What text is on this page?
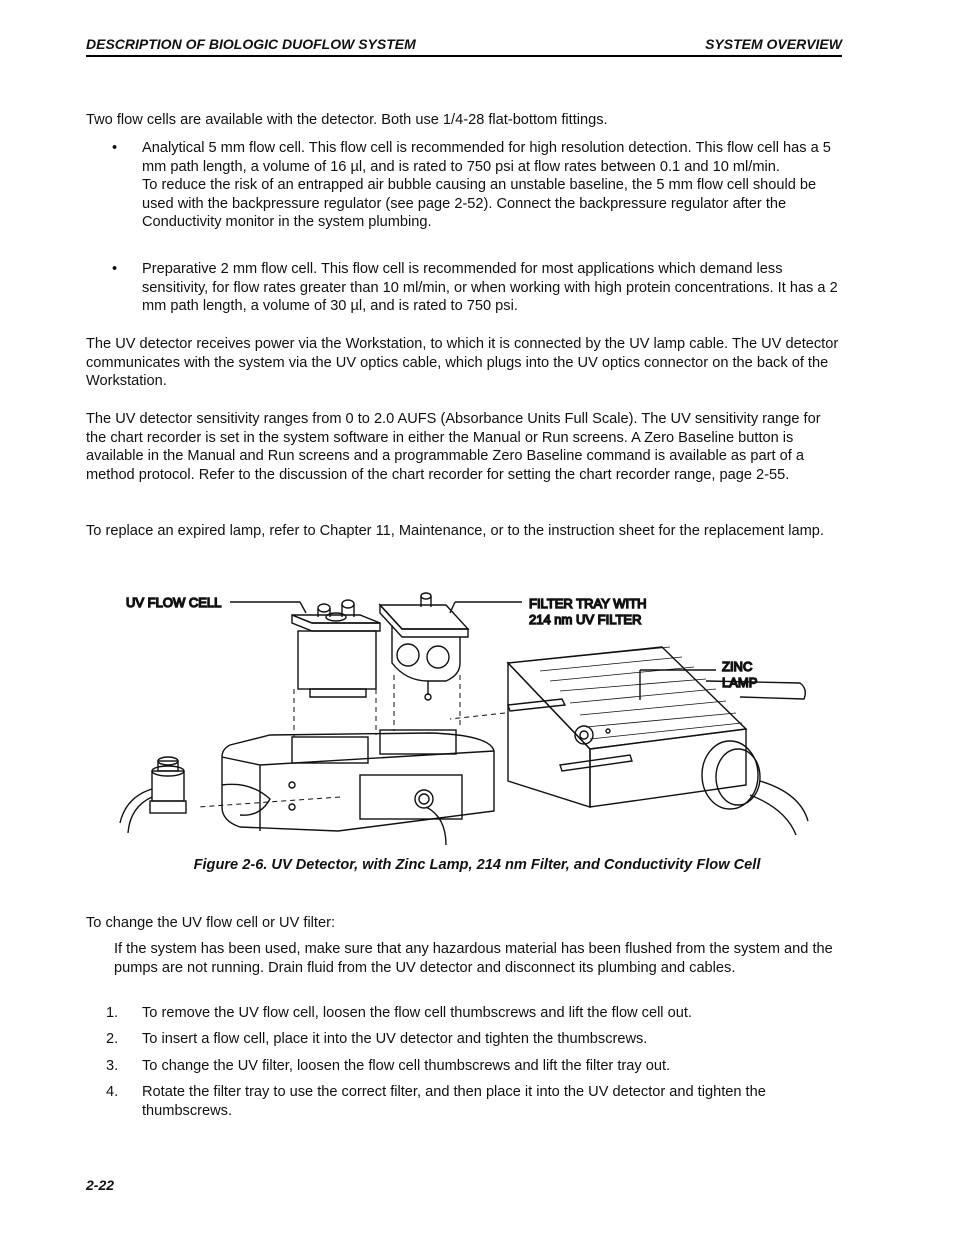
DESCRIPTION OF BIOLOGIC DUOFLOW SYSTEM	SYSTEM OVERVIEW
Two flow cells are available with the detector. Both use 1/4-28 flat-bottom fittings.
• Analytical 5 mm flow cell. This flow cell is recommended for high resolution detection. This flow cell has a 5 mm path length, a volume of 16 µl, and is rated to 750 psi at flow rates between 0.1 and 10 ml/min.
To reduce the risk of an entrapped air bubble causing an unstable baseline, the 5 mm flow cell should be used with the backpressure regulator (see page 2-52). Connect the backpressure regulator after the Conductivity monitor in the system plumbing.
• Preparative 2 mm flow cell. This flow cell is recommended for most applications which demand less sensitivity, for flow rates greater than 10 ml/min, or when working with high protein concentrations. It has a 2 mm path length, a volume of 30 µl, and is rated to 750 psi.
The UV detector receives power via the Workstation, to which it is connected by the UV lamp cable. The UV detector communicates with the system via the UV optics cable, which plugs into the UV optics connector on the back of the Workstation.
The UV detector sensitivity ranges from 0 to 2.0 AUFS (Absorbance Units Full Scale). The UV sensitivity range for the chart recorder is set in the system software in either the Manual or Run screens. A Zero Baseline button is available in the Manual and Run screens and a programmable Zero Baseline command is available as part of a method protocol. Refer to the discussion of the chart recorder for setting the chart recorder range, page 2-55.
To replace an expired lamp, refer to Chapter 11, Maintenance, or to the instruction sheet for the replacement lamp.
UV FLOW CELL	FILTER TRAY WITH
214 nm UV FILTER
ZINC
LAMP
Figure 2-6. UV Detector, with Zinc Lamp, 214 nm Filter, and Conductivity Flow Cell
To change the UV flow cell or UV filter:
If the system has been used, make sure that any hazardous material has been flushed from the system and the pumps are not running. Drain fluid from the UV detector and disconnect its plumbing and cables.
1. To remove the UV flow cell, loosen the flow cell thumbscrews and lift the flow cell out.
2. To insert a flow cell, place it into the UV detector and tighten the thumbscrews.
3. To change the UV filter, loosen the flow cell thumbscrews and lift the filter tray out.
4. Rotate the filter tray to use the correct filter, and then place it into the UV detector and tighten the thumbscrews.
2-22
